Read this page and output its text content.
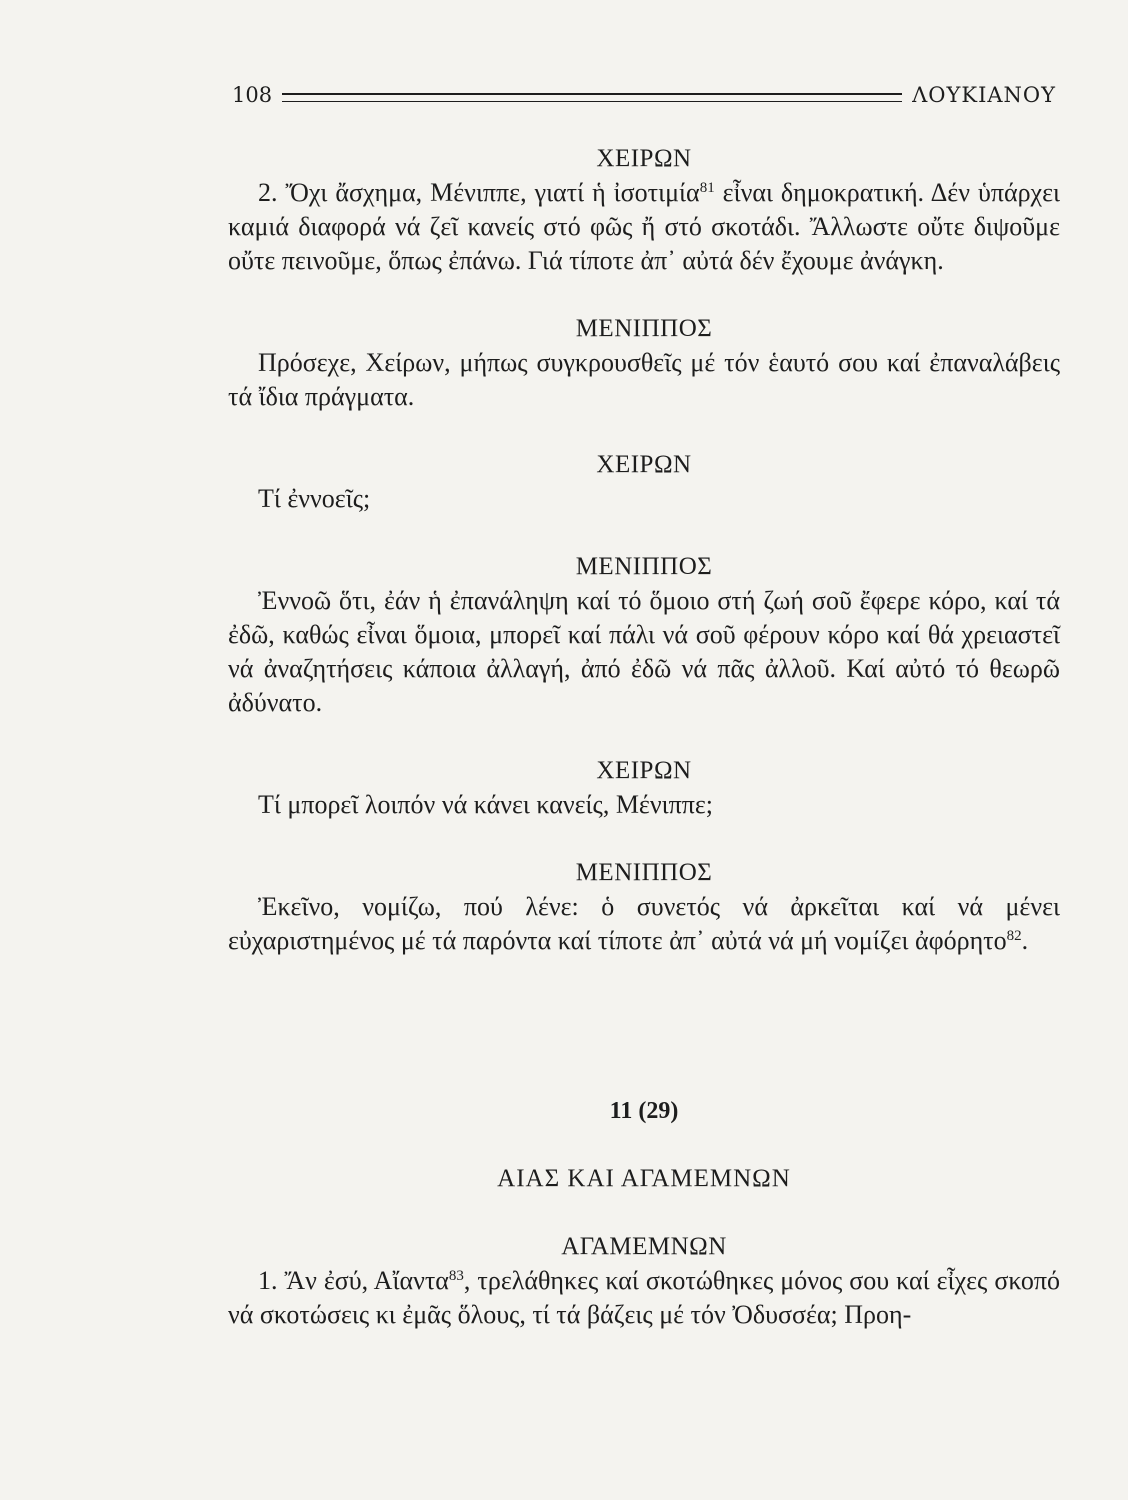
108	ΛΟΥΚΙΑΝΟΥ

ΧΕΙΡΩΝ

2. Ὄχι ἄσχημα, Μένιππε, γιατί ἡ ἰσοτιμία$^{81}$ εἶναι δημοκρατική. Δέν ὑπάρχει καμιά διαφορά νά ζεῖ κανείς στό φῶς ἤ στό σκοτάδι. Ἄλλωστε οὔτε διψοῦμε οὔτε πεινοῦμε, ὅπως ἐπάνω. Γιά τίποτε ἀπ᾽ αὐτά δέν ἔχουμε ἀνάγκη.

ΜΕΝΙΠΠΟΣ

Πρόσεχε, Χείρων, μήπως συγκρουσθεῖς μέ τόν ἑαυτό σου καί ἐπαναλάβεις τά ἴδια πράγματα.

ΧΕΙΡΩΝ

Τί ἐννοεῖς;

ΜΕΝΙΠΠΟΣ

Ἐννοῶ ὅτι, ἐάν ἡ ἐπανάληψη καί τό ὅμοιο στή ζωή σοῦ ἔφερε κόρο, καί τά ἐδῶ, καθώς εἶναι ὅμοια, μπορεῖ καί πάλι νά σοῦ φέρουν κόρο καί θά χρειαστεῖ νά ἀναζητήσεις κάποια ἀλλαγή, ἀπό ἐδῶ νά πᾶς ἀλλοῦ. Καί αὐτό τό θεωρῶ ἀδύνατο.

ΧΕΙΡΩΝ

Τί μπορεῖ λοιπόν νά κάνει κανείς, Μένιππε;

ΜΕΝΙΠΠΟΣ

Ἐκεῖνο, νομίζω, πού λένε: ὁ συνετός νά ἀρκεῖται καί νά μένει εὐχαριστημένος μέ τά παρόντα καί τίποτε ἀπ᾽ αὐτά νά μή νομίζει ἀφόρητο$^{82}$.

11 (29)

ΑΙΑΣ ΚΑΙ ΑΓΑΜΕΜΝΩΝ

ΑΓΑΜΕΜΝΩΝ

1. Ἄν ἐσύ, Αἴαντα$^{83}$, τρελάθηκες καί σκοτώθηκες μόνος σου καί εἶχες σκοπό νά σκοτώσεις κι ἐμᾶς ὅλους, τί τά βάζεις μέ τόν Ὀδυσσέα; Προη-
